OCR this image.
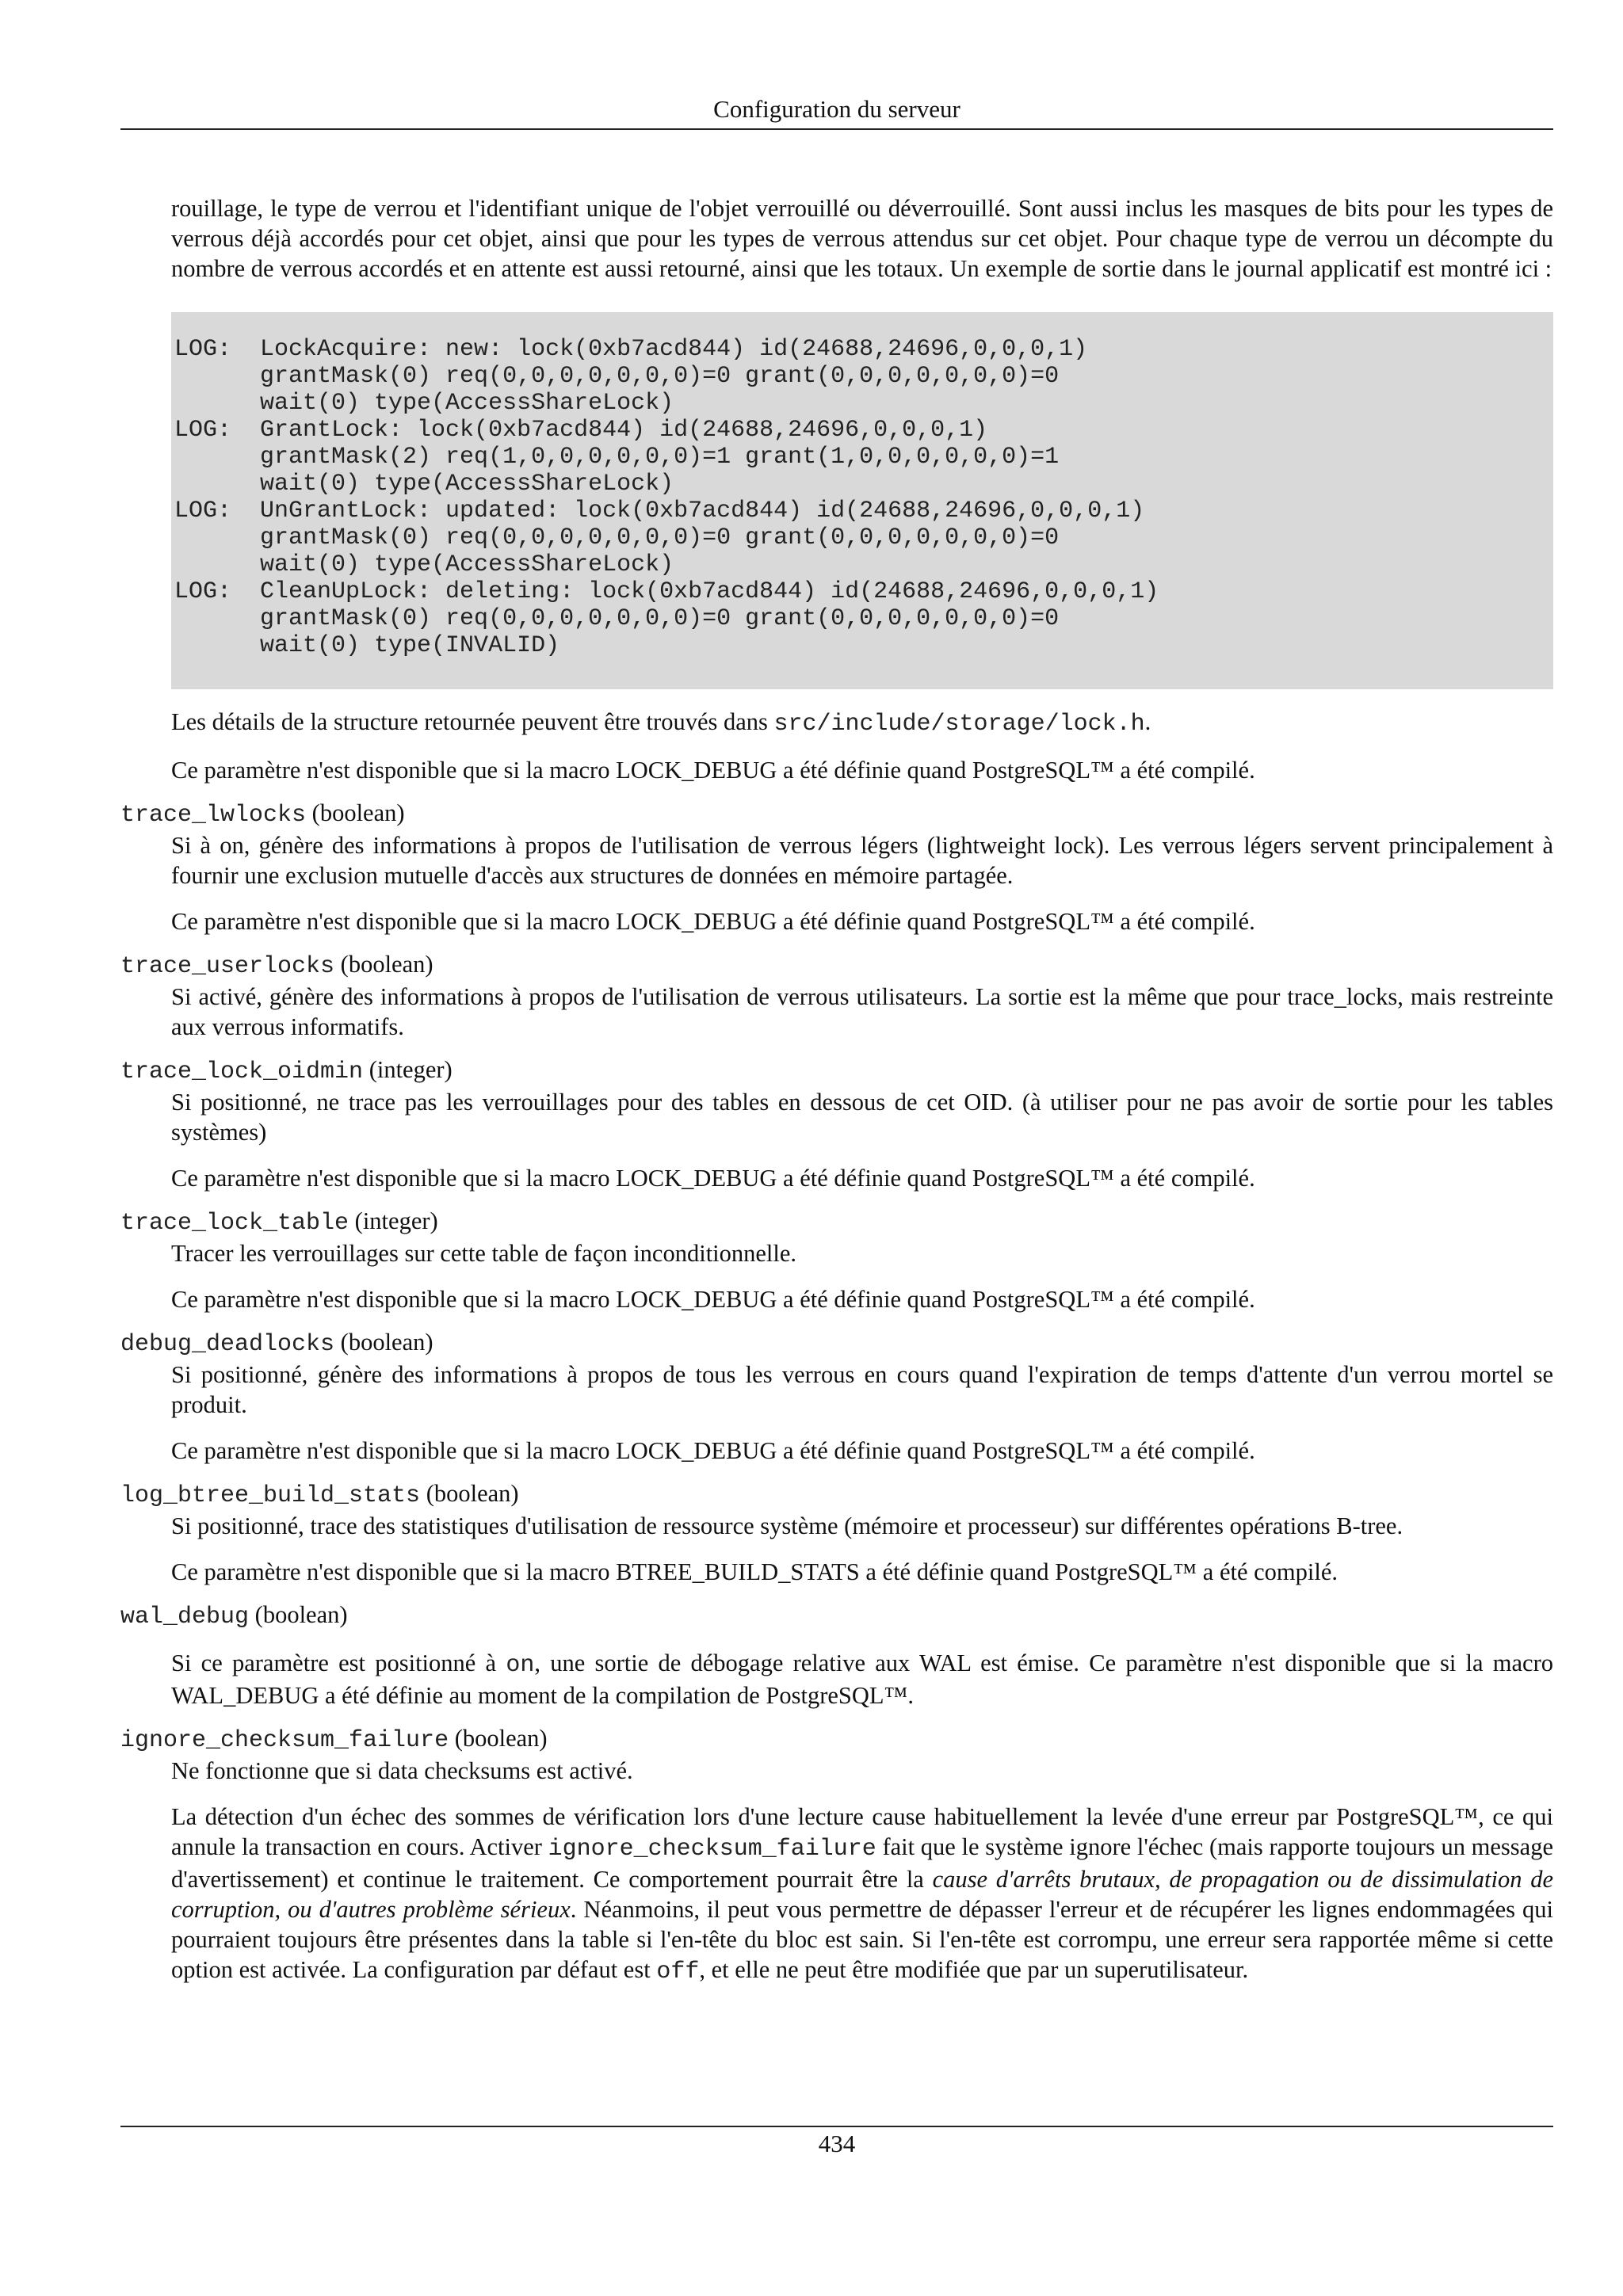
Configuration du serveur

rouillage, le type de verrou et l'identifiant unique de l'objet verrouillé ou déverrouillé. Sont aussi inclus les masques de bits pour les types de verrous déjà accordés pour cet objet, ainsi que pour les types de verrous attendus sur cet objet. Pour chaque type de verrou un décompte du nombre de verrous accordés et en attente est aussi retourné, ainsi que les totaux. Un exemple de sortie dans le journal applicatif est montré ici :

LOG:  LockAcquire: new: lock(0xb7acd844) id(24688,24696,0,0,0,1)
grantMask(0) req(0,0,0,0,0,0,0)=0 grant(0,0,0,0,0,0,0)=0
wait(0) type(AccessShareLock)
LOG:  GrantLock: lock(0xb7acd844) id(24688,24696,0,0,0,1)
grantMask(2) req(1,0,0,0,0,0,0)=1 grant(1,0,0,0,0,0,0)=1
wait(0) type(AccessShareLock)
LOG:  UnGrantLock: updated: lock(0xb7acd844) id(24688,24696,0,0,0,1)
grantMask(0) req(0,0,0,0,0,0,0)=0 grant(0,0,0,0,0,0,0)=0
wait(0) type(AccessShareLock)
LOG:  CleanUpLock: deleting: lock(0xb7acd844) id(24688,24696,0,0,0,1)
grantMask(0) req(0,0,0,0,0,0,0)=0 grant(0,0,0,0,0,0,0)=0
wait(0) type(INVALID)

Les détails de la structure retournée peuvent être trouvés dans src/include/storage/lock.h.

Ce paramètre n'est disponible que si la macro LOCK_DEBUG a été définie quand PostgreSQL™ a été compilé.

trace_lwlocks (boolean)

Si à on, génère des informations à propos de l'utilisation de verrous légers (lightweight lock). Les verrous légers servent principalement à fournir une exclusion mutuelle d'accès aux structures de données en mémoire partagée.

Ce paramètre n'est disponible que si la macro LOCK_DEBUG a été définie quand PostgreSQL™ a été compilé.

trace_userlocks (boolean)

Si activé, génère des informations à propos de l'utilisation de verrous utilisateurs. La sortie est la même que pour trace_locks, mais restreinte aux verrous informatifs.

trace_lock_oidmin (integer)

Si positionné, ne trace pas les verrouillages pour des tables en dessous de cet OID. (à utiliser pour ne pas avoir de sortie pour les tables systèmes)

Ce paramètre n'est disponible que si la macro LOCK_DEBUG a été définie quand PostgreSQL™ a été compilé.

trace_lock_table (integer)

Tracer les verrouillages sur cette table de façon inconditionnelle.

Ce paramètre n'est disponible que si la macro LOCK_DEBUG a été définie quand PostgreSQL™ a été compilé.

debug_deadlocks (boolean)

Si positionné, génère des informations à propos de tous les verrous en cours quand l'expiration de temps d'attente d'un verrou mortel se produit.

Ce paramètre n'est disponible que si la macro LOCK_DEBUG a été définie quand PostgreSQL™ a été compilé.

log_btree_build_stats (boolean)

Si positionné, trace des statistiques d'utilisation de ressource système (mémoire et processeur) sur différentes opérations B-tree.

Ce paramètre n'est disponible que si la macro BTREE_BUILD_STATS a été définie quand PostgreSQL™ a été compilé.

wal_debug (boolean)

Si ce paramètre est positionné à on, une sortie de débogage relative aux WAL est émise. Ce paramètre n'est disponible que si la macro WAL_DEBUG a été définie au moment de la compilation de PostgreSQL™.

ignore_checksum_failure (boolean)

Ne fonctionne que si data checksums est activé.

La détection d'un échec des sommes de vérification lors d'une lecture cause habituellement la levée d'une erreur par PostgreSQL™, ce qui annule la transaction en cours. Activer ignore_checksum_failure fait que le système ignore l'échec (mais rapporte toujours un message d'avertissement) et continue le traitement. Ce comportement pourrait être la cause d'arrêts brutaux, de propagation ou de dissimulation de corruption, ou d'autres problème sérieux. Néanmoins, il peut vous permettre de dépasser l'erreur et de récupérer les lignes endommagées qui pourraient toujours être présentes dans la table si l'en-tête du bloc est sain. Si l'en-tête est corrompu, une erreur sera rapportée même si cette option est activée. La configuration par défaut est off, et elle ne peut être modifiée que par un superutilisateur.

434
